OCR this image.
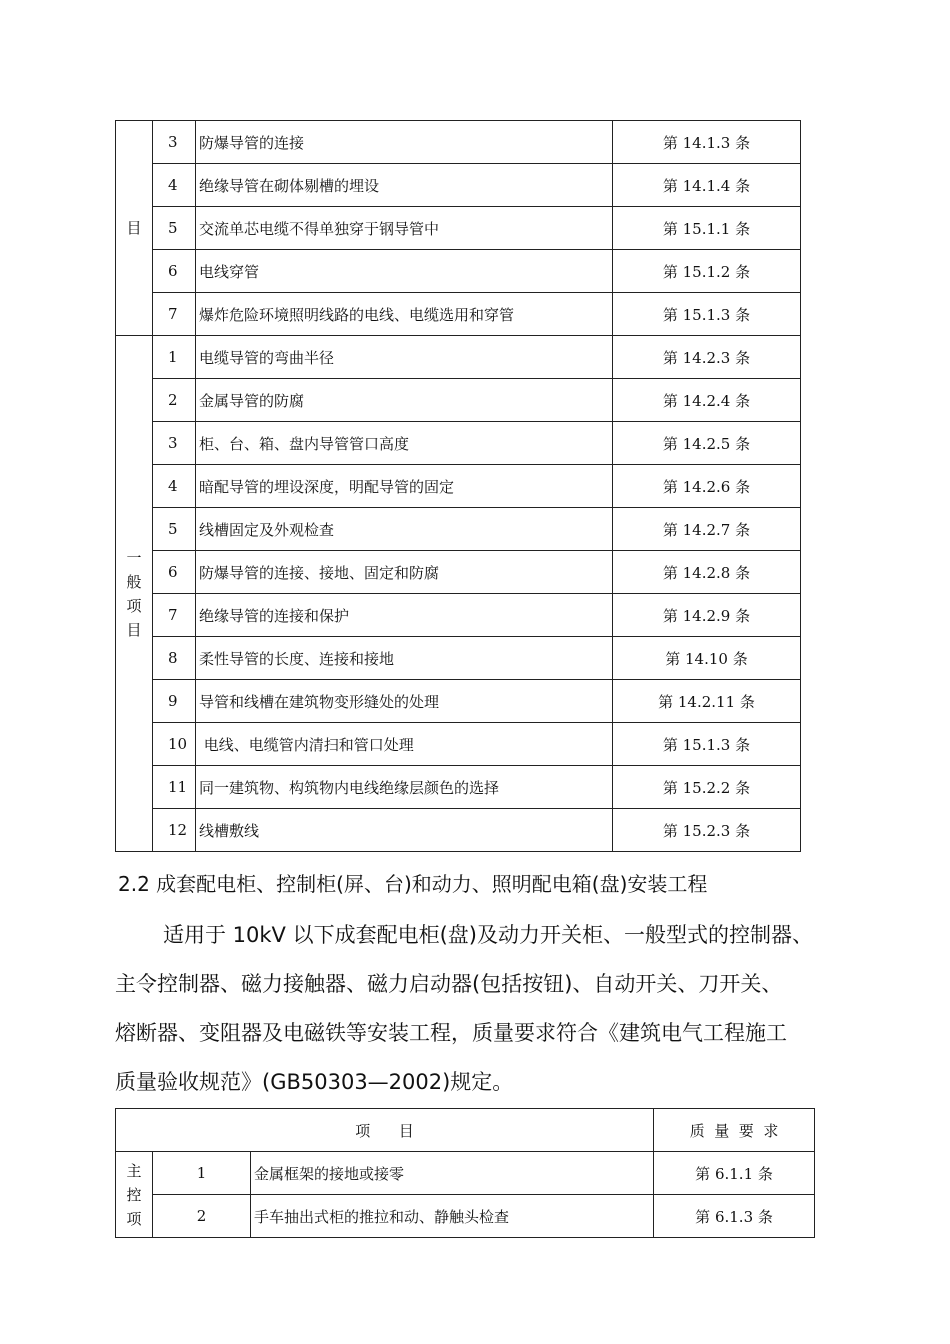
目	3	防爆导管的连接	第 14.1.3 条
	4	绝缘导管在砌体剔槽的埋设	第 14.1.4 条
	5	交流单芯电缆不得单独穿于钢导管中	第 15.1.1 条
	6	电线穿管	第 15.1.2 条
	7	爆炸危险环境照明线路的电线、电缆选用和穿管	第 15.1.3 条
一般项目	1	电缆导管的弯曲半径	第 14.2.3 条
	2	金属导管的防腐	第 14.2.4 条
	3	柜、台、箱、盘内导管管口高度	第 14.2.5 条
	4	暗配导管的埋设深度，明配导管的固定	第 14.2.6 条
	5	线槽固定及外观检查	第 14.2.7 条
	6	防爆导管的连接、接地、固定和防腐	第 14.2.8 条
	7	绝缘导管的连接和保护	第 14.2.9 条
	8	柔性导管的长度、连接和接地	第 14.10 条
	9	导管和线槽在建筑物变形缝处的处理	第 14.2.11 条
	10	电线、电缆管内清扫和管口处理	第 15.1.3 条
	11	同一建筑物、构筑物内电线绝缘层颜色的选择	第 15.2.2 条
	12	线槽敷线	第 15.2.3 条
2.2 成套配电柜、控制柜(屏、台)和动力、照明配电箱(盘)安装工程
适用于 10kV 以下成套配电柜(盘)及动力开关柜、一般型式的控制器、
主令控制器、磁力接触器、磁力启动器(包括按钮)、自动开关、刀开关、
熔断器、变阻器及电磁铁等安装工程，质量要求符合《建筑电气工程施工
质量验收规范》(GB50303—2002)规定。
项      目			质  量  要  求
主控项	1	金属框架的接地或接零	第 6.1.1 条
	2	手车抽出式柜的推拉和动、静触头检查	第 6.1.3 条
